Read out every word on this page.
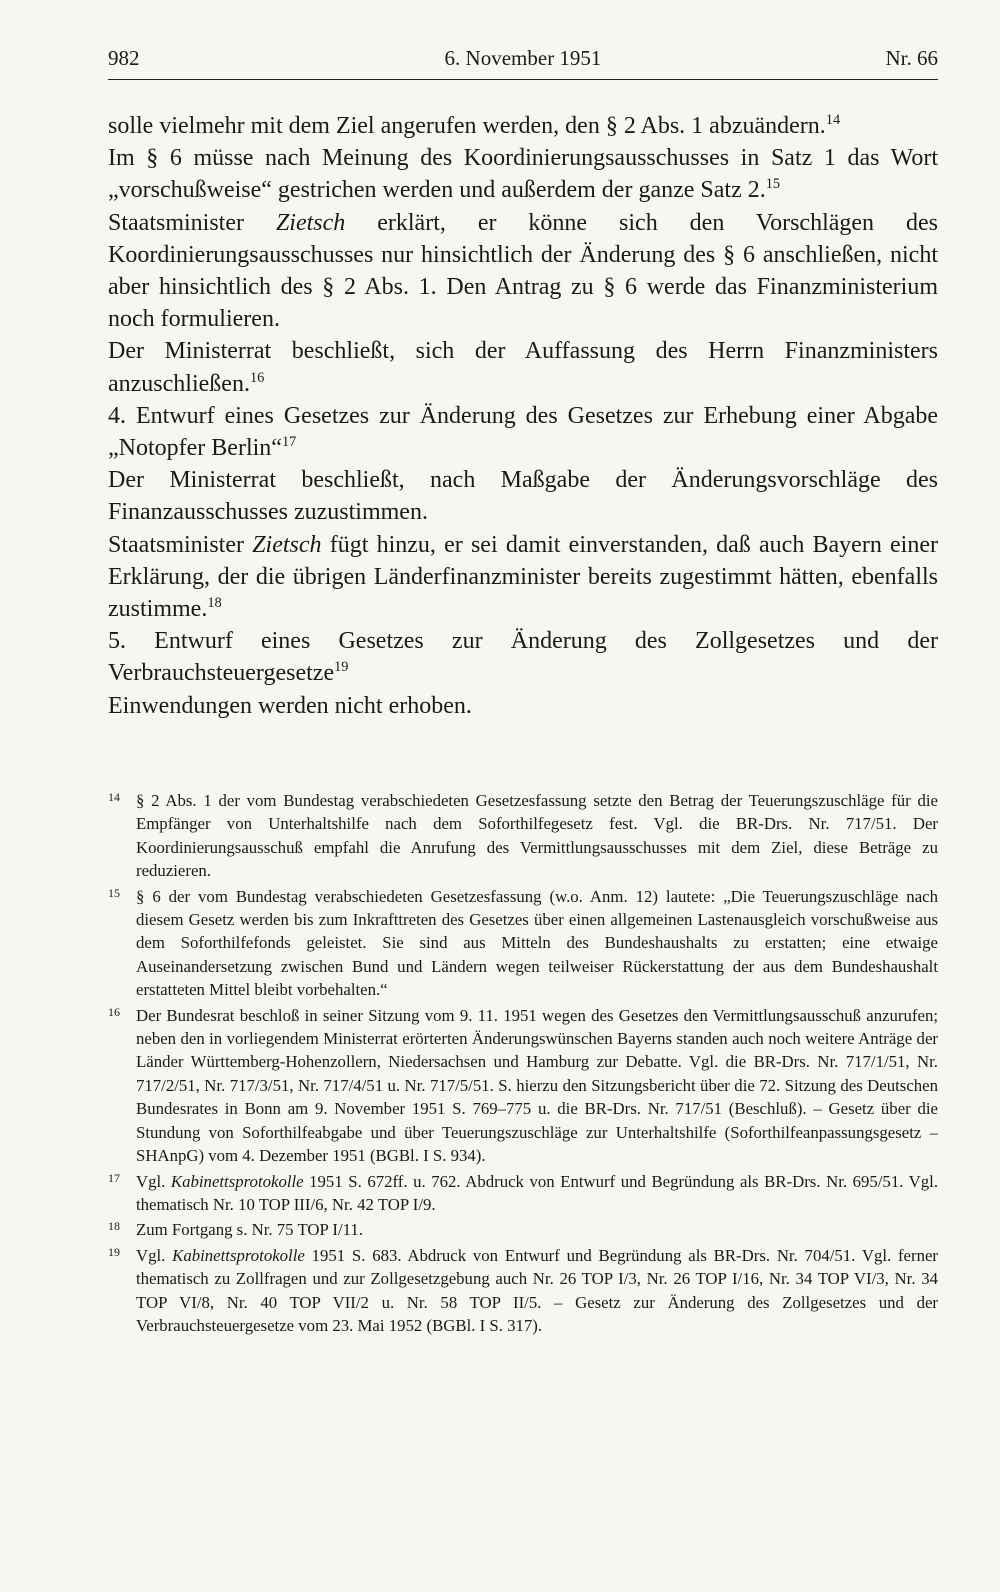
982	6. November 1951	Nr. 66

solle vielmehr mit dem Ziel angerufen werden, den § 2 Abs. 1 abzuändern.$^{14}$

Im § 6 müsse nach Meinung des Koordinierungsausschusses in Satz 1 das Wort „vorschußweise“ gestrichen werden und außerdem der ganze Satz 2.15

Staatsminister Zietsch erklärt, er könne sich den Vorschlägen des Koordinierungsausschusses nur hinsichtlich der Änderung des § 6 anschließen, nicht aber hinsichtlich des § 2 Abs. 1. Den Antrag zu § 6 werde das Finanzministerium noch formulieren.

Der Ministerrat beschließt, sich der Auffassung des Herrn Finanzministers anzuschließen.$^{16}$

4. Entwurf eines Gesetzes zur Änderung des Gesetzes zur Erhebung einer Abgabe „Notopfer Berlin“$^{17}$

Der Ministerrat beschließt, nach Maßgabe der Änderungsvorschläge des Finanzausschusses zuzustimmen.

Staatsminister Zietsch fügt hinzu, er sei damit einverstanden, daß auch Bayern einer Erklärung, der die übrigen Länderfinanzminister bereits zugestimmt hätten, ebenfalls zustimme.$^{18}$

5. Entwurf eines Gesetzes zur Änderung des Zollgesetzes und der Verbrauchsteuergesetze$^{19}$

Einwendungen werden nicht erhoben.

14 § 2 Abs. 1 der vom Bundestag verabschiedeten Gesetzesfassung setzte den Betrag der Teuerungszuschläge für die Empfänger von Unterhaltshilfe nach dem Soforthilfegesetz fest. Vgl. die BR-Drs. Nr. 717/51. Der Koordinierungsausschuß empfahl die Anrufung des Vermittlungsausschusses mit dem Ziel, diese Beträge zu reduzieren.

15 § 6 der vom Bundestag verabschiedeten Gesetzesfassung (w.o. Anm. 12) lautete: „Die Teuerungszuschläge nach diesem Gesetz werden bis zum Inkrafttreten des Gesetzes über einen allgemeinen Lastenausgleich vorschußweise aus dem Soforthilfefonds geleistet. Sie sind aus Mitteln des Bundeshaushalts zu erstatten; eine etwaige Auseinandersetzung zwischen Bund und Ländern wegen teilweiser Rückerstattung der aus dem Bundeshaushalt erstatteten Mittel bleibt vorbehalten.“

16 Der Bundesrat beschloß in seiner Sitzung vom 9. 11. 1951 wegen des Gesetzes den Vermittlungsausschuß anzurufen; neben den in vorliegendem Ministerrat erörterten Änderungswünschen Bayerns standen auch noch weitere Anträge der Länder Württemberg-Hohenzollern, Niedersachsen und Hamburg zur Debatte. Vgl. die BR-Drs. Nr. 717/1/51, Nr. 717/2/51, Nr. 717/3/51, Nr. 717/4/51 u. Nr. 717/5/51. S. hierzu den Sitzungsbericht über die 72. Sitzung des Deutschen Bundesrates in Bonn am 9. November 1951 S. 769–775 u. die BR-Drs. Nr. 717/51 (Beschluß). – Gesetz über die Stundung von Soforthilfeabgabe und über Teuerungszuschläge zur Unterhaltshilfe (Soforthilfeanpassungsgesetz – SHAnpG) vom 4. Dezember 1951 (BGBl. I S. 934).

17 Vgl. Kabinettsprotokolle 1951 S. 672ff. u. 762. Abdruck von Entwurf und Begründung als BR-Drs. Nr. 695/51. Vgl. thematisch Nr. 10 TOP III/6, Nr. 42 TOP I/9.

18 Zum Fortgang s. Nr. 75 TOP I/11.

19 Vgl. Kabinettsprotokolle 1951 S. 683. Abdruck von Entwurf und Begründung als BR-Drs. Nr. 704/51. Vgl. ferner thematisch zu Zollfragen und zur Zollgesetzgebung auch Nr. 26 TOP I/3, Nr. 26 TOP I/16, Nr. 34 TOP VI/3, Nr. 34 TOP VI/8, Nr. 40 TOP VII/2 u. Nr. 58 TOP II/5. – Gesetz zur Änderung des Zollgesetzes und der Verbrauchsteuergesetze vom 23. Mai 1952 (BGBl. I S. 317).
